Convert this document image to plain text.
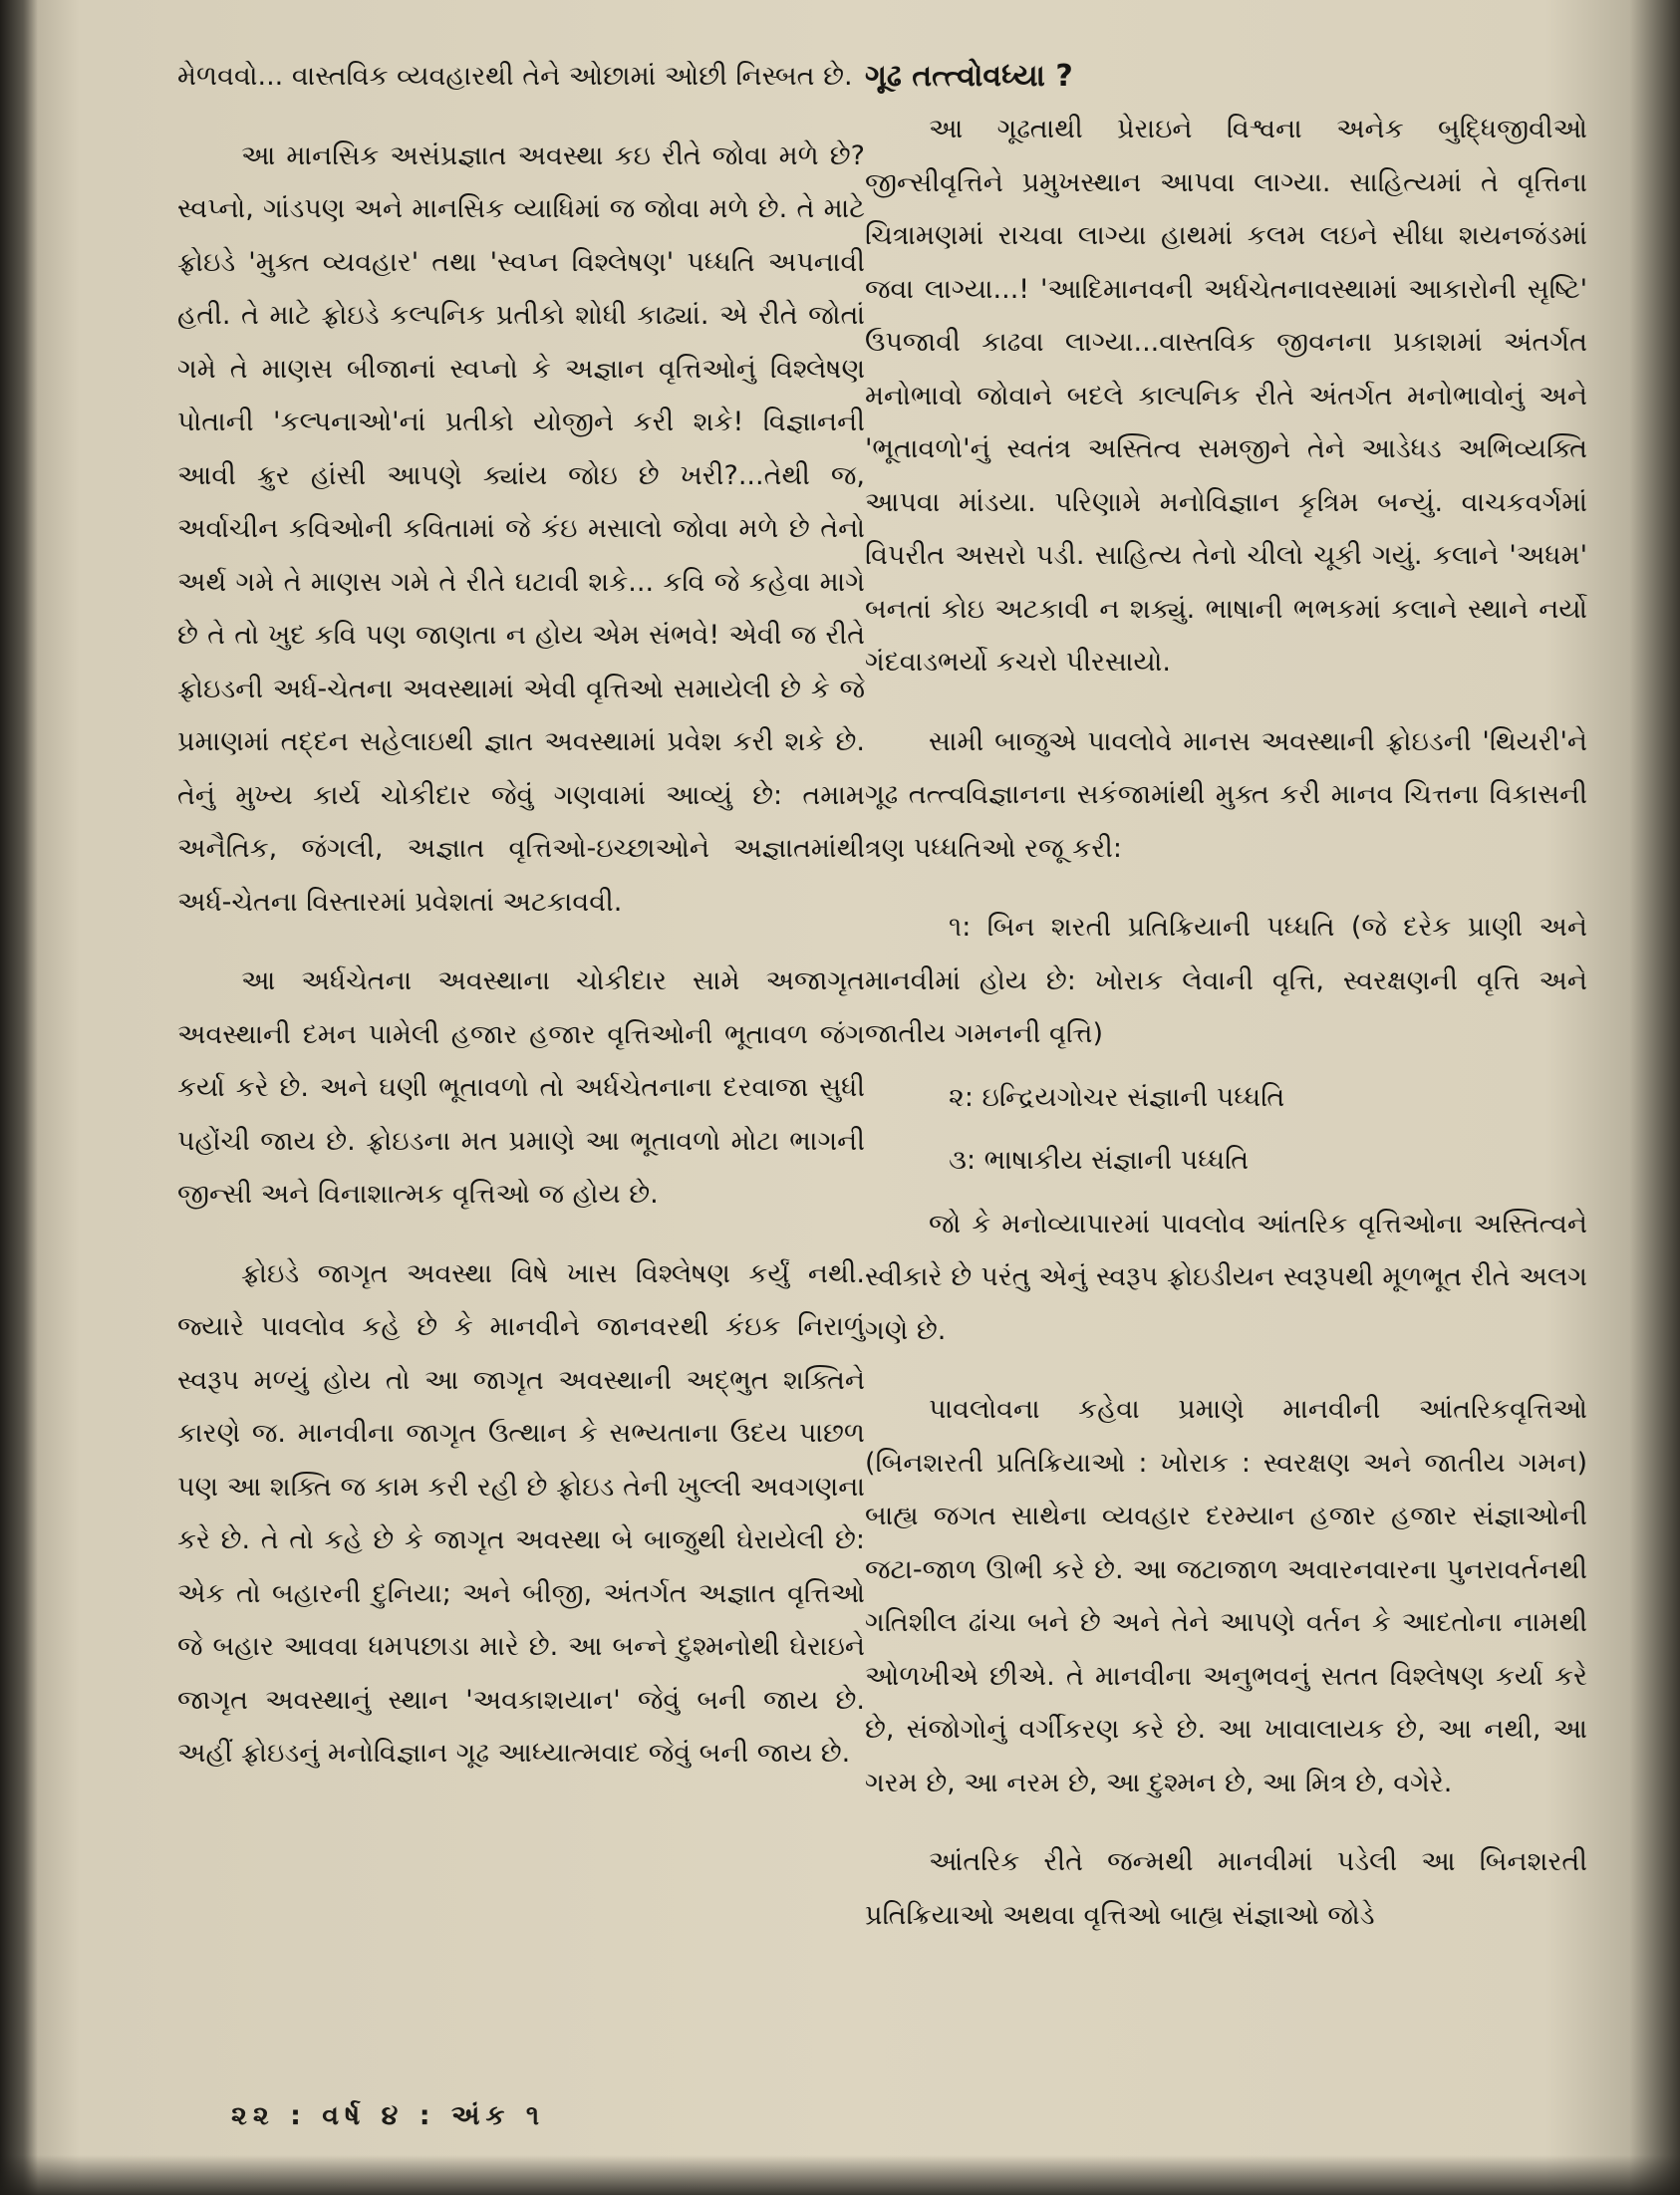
મેળવવો... વાસ્તવિક વ્યવહારથી તેને ઓછામાં ઓછી નિસ્બત છે.

આ માનસિક અસંપ્રજ્ઞાત અવસ્થા કઇ રીતે જોવા મળે છે? સ્વપ્નો, ગાંડપણ અને માનસિક વ્યાધિમાં જ જોવા મળે છે. તે માટે ફ્રોઇડે 'મુક્ત વ્યવહાર' તથા 'સ્વપ્ન વિશ્લેષણ' પધ્ધતિ અપનાવી હતી. તે માટે ફ્રોઇડે કલ્પનિક પ્રતીકો શોધી કાઢ્યાં. એ રીતે જોતાં ગમે તે માણસ બીજાનાં સ્વપ્નો કે અજ્ઞાન વૃત્તિઓનું વિશ્લેષણ પોતાની 'કલ્પનાઓ'નાં પ્રતીકો યોજીને કરી શકે! વિજ્ઞાનની આવી ક્રુર હાંસી આપણે ક્યાંય જોઇ છે ખરી?...તેથી જ, અર્વાચીન કવિઓની કવિતામાં જે કંઇ મસાલો જોવા મળે છે તેનો અર્થ ગમે તે માણસ ગમે તે રીતે ઘટાવી શકે... કવિ જે કહેવા માગે છે તે તો ખુદ કવિ પણ જાણતા ન હોય એમ સંભવે! એવી જ રીતે ફ્રોઇડની અર્ધ-ચેતના અવસ્થામાં એવી વૃત્તિઓ સમાયેલી છે કે જે પ્રમાણમાં તદ્દન સહેલાઇથી જ્ઞાત અવસ્થામાં પ્રવેશ કરી શકે છે. તેનું મુખ્ય કાર્ય ચોકીદાર જેવું ગણવામાં આવ્યું છે: તમામ અનૈતિક, જંગલી, અજ્ઞાત વૃત્તિઓ-ઇચ્છાઓને અજ્ઞાતમાંથી અર્ધ-ચેતના વિસ્તારમાં પ્રવેશતાં અટકાવવી.

આ અર્ધચેતના અવસ્થાના ચોકીદાર સામે અજાગૃત અવસ્થાની દમન પામેલી હજાર હજાર વૃત્તિઓની ભૂતાવળ જંગ કર્યા કરે છે. અને ઘણી ભૂતાવળો તો અર્ધચેતનાના દરવાજા સુધી પહોંચી જાય છે. ફ્રોઇડના મત પ્રમાણે આ ભૂતાવળો મોટા ભાગની જીન્સી અને વિનાશાત્મક વૃત્તિઓ જ હોય છે.

ફ્રોઇડે જાગૃત અવસ્થા વિષે ખાસ વિશ્લેષણ કર્યું નથી. જ્યારે પાવલોવ કહે છે કે માનવીને જાનવરથી કંઇક નિરાળું સ્વરૂપ મળ્યું હોય તો આ જાગૃત અવસ્થાની અદ્ભુત શક્તિને કારણે જ. માનવીના જાગૃત ઉત્થાન કે સભ્યતાના ઉદય પાછળ પણ આ શક્તિ જ કામ કરી રહી છે ફ્રોઇડ તેની ખુલ્લી અવગણના કરે છે. તે તો કહે છે કે જાગૃત અવસ્થા બે બાજુથી ઘેરાયેલી છે: એક તો બહારની દુનિયા; અને બીજી, અંતર્ગત અજ્ઞાત વૃત્તિઓ જે બહાર આવવા ધમપછાડા મારે છે. આ બન્ને દુશ્મનોથી ઘેરાઇને જાગૃત અવસ્થાનું સ્થાન 'અવકાશયાન' જેવું બની જાય છે. અહીં ફ્રોઇડનું મનોવિજ્ઞાન ગૂઢ આધ્યાત્મવાદ જેવું બની જાય છે.

ગૂઢ તત્ત્વોવધ્યા ?

આ ગૂઢતાથી પ્રેરાઇને વિશ્વના અનેક બુદ્ધિજીવીઓ જીન્સીવૃત્તિને પ્રમુખસ્થાન આપવા લાગ્યા. સાહિત્યમાં તે વૃત્તિના ચિત્રામણમાં રાચવા લાગ્યા હાથમાં કલમ લઇને સીધા શયનજંડમાં જવા લાગ્યા...! 'આદિમાનવની અર્ધચેતનાવસ્થામાં આકારોની સૃષ્ટિ' ઉપજાવી કાઢવા લાગ્યા...વાસ્તવિક જીવનના પ્રકાશમાં અંતર્ગત મનોભાવો જોવાને બદલે કાલ્પનિક રીતે અંતર્ગત મનોભાવોનું અને 'ભૂતાવળો'નું સ્વતંત્ર અસ્તિત્વ સમજીને તેને આડેધડ અભિવ્યક્તિ આપવા માંડયા. પરિણામે મનોવિજ્ઞાન કૃત્રિમ બન્યું. વાચકવર્ગમાં વિપરીત અસરો પડી. સાહિત્ય તેનો ચીલો ચૂકી ગયું. કલાને 'અધમ' બનતાં કોઇ અટકાવી ન શક્યું. ભાષાની ભભકમાં કલાને સ્થાને નર્યો ગંદવાડભર્યો કચરો પીરસાયો.

સામી બાજુએ પાવલોવે માનસ અવસ્થાની ફ્રોઇડની 'થિયરી'ને ગૂઢ તત્ત્વવિજ્ઞાનના સકંજામાંથી મુક્ત કરી માનવ ચિત્તના વિકાસની ત્રણ પધ્ધતિઓ રજૂ કરી:

૧: બિન શરતી પ્રતિક્રિયાની પધ્ધતિ (જે દરેક પ્રાણી અને માનવીમાં હોય છે: ખોરાક લેવાની વૃત્તિ, સ્વરક્ષણની વૃત્તિ અને જાતીય ગમનની વૃત્તિ)

૨: ઇન્દ્રિયગોચર સંજ્ઞાની પધ્ધતિ

૩: ભાષાકીય સંજ્ઞાની પધ્ધતિ

જો કે મનોવ્યાપારમાં પાવલોવ આંતરિક વૃત્તિઓના અસ્તિત્વને સ્વીકારે છે પરંતુ એનું સ્વરૂપ ફ્રોઇડીયન સ્વરૂપથી મૂળભૂત રીતે અલગ ગણે છે.

પાવલોવના કહેવા પ્રમાણે માનવીની આંતરિકવૃત્તિઓ (બિનશરતી પ્રતિક્રિયાઓ : ખોરાક : સ્વરક્ષણ અને જાતીય ગમન) બાહ્ય જગત સાથેના વ્યવહાર દરમ્યાન હજાર હજાર સંજ્ઞાઓની જટા-જાળ ઊભી કરે છે. આ જટાજાળ અવારનવારના પુનરાવર્તનથી ગતિશીલ ઢાંચા બને છે અને તેને આપણે વર્તન કે આદતોના નામથી ઓળખીએ છીએ. તે માનવીના અનુભવનું સતત વિશ્લેષણ કર્યા કરે છે, સંજોગોનું વર્ગીકરણ કરે છે. આ ખાવાલાયક છે, આ નથી, આ ગરમ છે, આ નરમ છે, આ દુશ્મન છે, આ મિત્ર છે, વગેરે.

આંતરિક રીતે જન્મથી માનવીમાં પડેલી આ બિનશરતી પ્રતિક્રિયાઓ અથવા વૃત્તિઓ બાહ્ય સંજ્ઞાઓ જોડે

૨૨ : વર્ષ ૪ : અંક ૧
